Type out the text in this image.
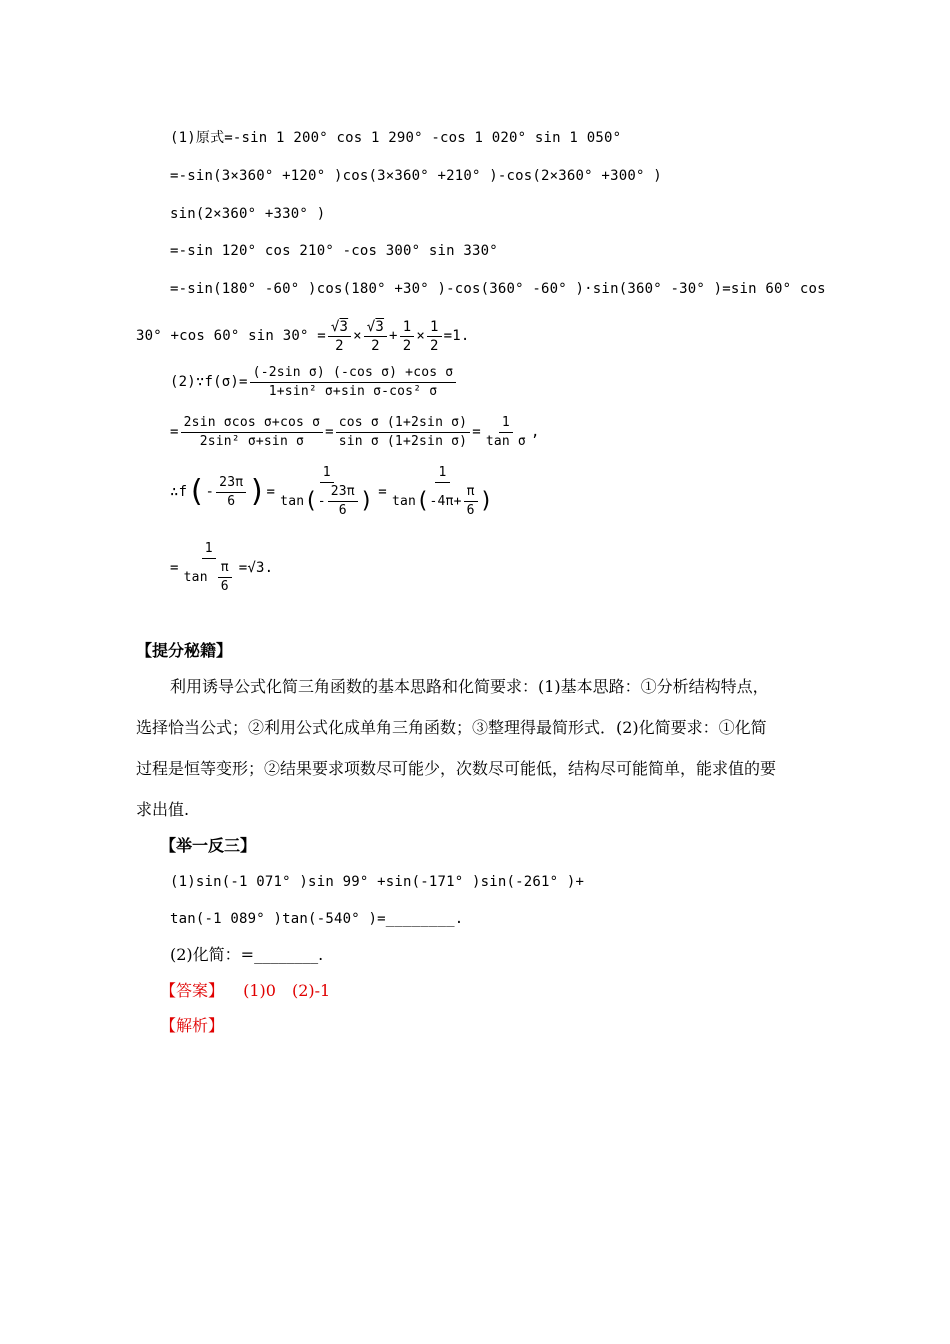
(1)原式=-sin 1 200° cos 1 290° -cos 1 020° sin 1 050°
=-sin(3×360° +120° )cos(3×360° +210° )-cos(2×360° +300° )
sin(2×360° +330° )
=-sin 120° cos 210° -cos 300° sin 330°
=-sin(180° -60° )cos(180° +30° )-cos(360° -60° )·sin(360° -30° )=sin 60° cos
30° +cos 60° $\sin 30^\circ = \frac{√3}{2} \times \frac{√3}{2} + \frac{1}{2} \times \frac{1}{2} =1$.
(2)∵f(σ)= $\frac{\text{(-2sin σ) (-cos σ) +cos σ}}{\text{1+sin² σ+sin σ-cos² σ}}$
= $\frac{\text{2sin σcos σ+cos σ}}{\text{2sin² σ+sin σ}} = \frac{\text{cos σ (1+2sin σ)}}{\text{sin σ (1+2sin σ)}} = \frac{1}{\text{tan σ}}$ ,
∴f(- $\frac{23\pi}{6}$ )= $\frac{1}{\tan(- \frac{23\pi}{6} )} = \frac{1}{\tan(-4\pi+ \frac{\pi}{6} )}$
= $\frac{1}{\tan \frac{\pi}{6}} =√3$.
【提分秘籍】
利用诱导公式化简三角函数的基本思路和化简要求：(1)基本思路：①分析结构特点，
选择恰当公式；②利用公式化成单角三角函数；③整理得最简形式．(2)化简要求：①化简
过程是恒等变形；②结果要求项数尽可能少，次数尽可能低，结构尽可能简单，能求值的要
求出值.
【举一反三】
(1)sin(-1 071° )sin 99° +sin(-171° )sin(-261° )+
tan(-1 089° )tan(-540° )=________.
(2)化简：=________.
【答案】 (1)0　(2)-1
【解析】
